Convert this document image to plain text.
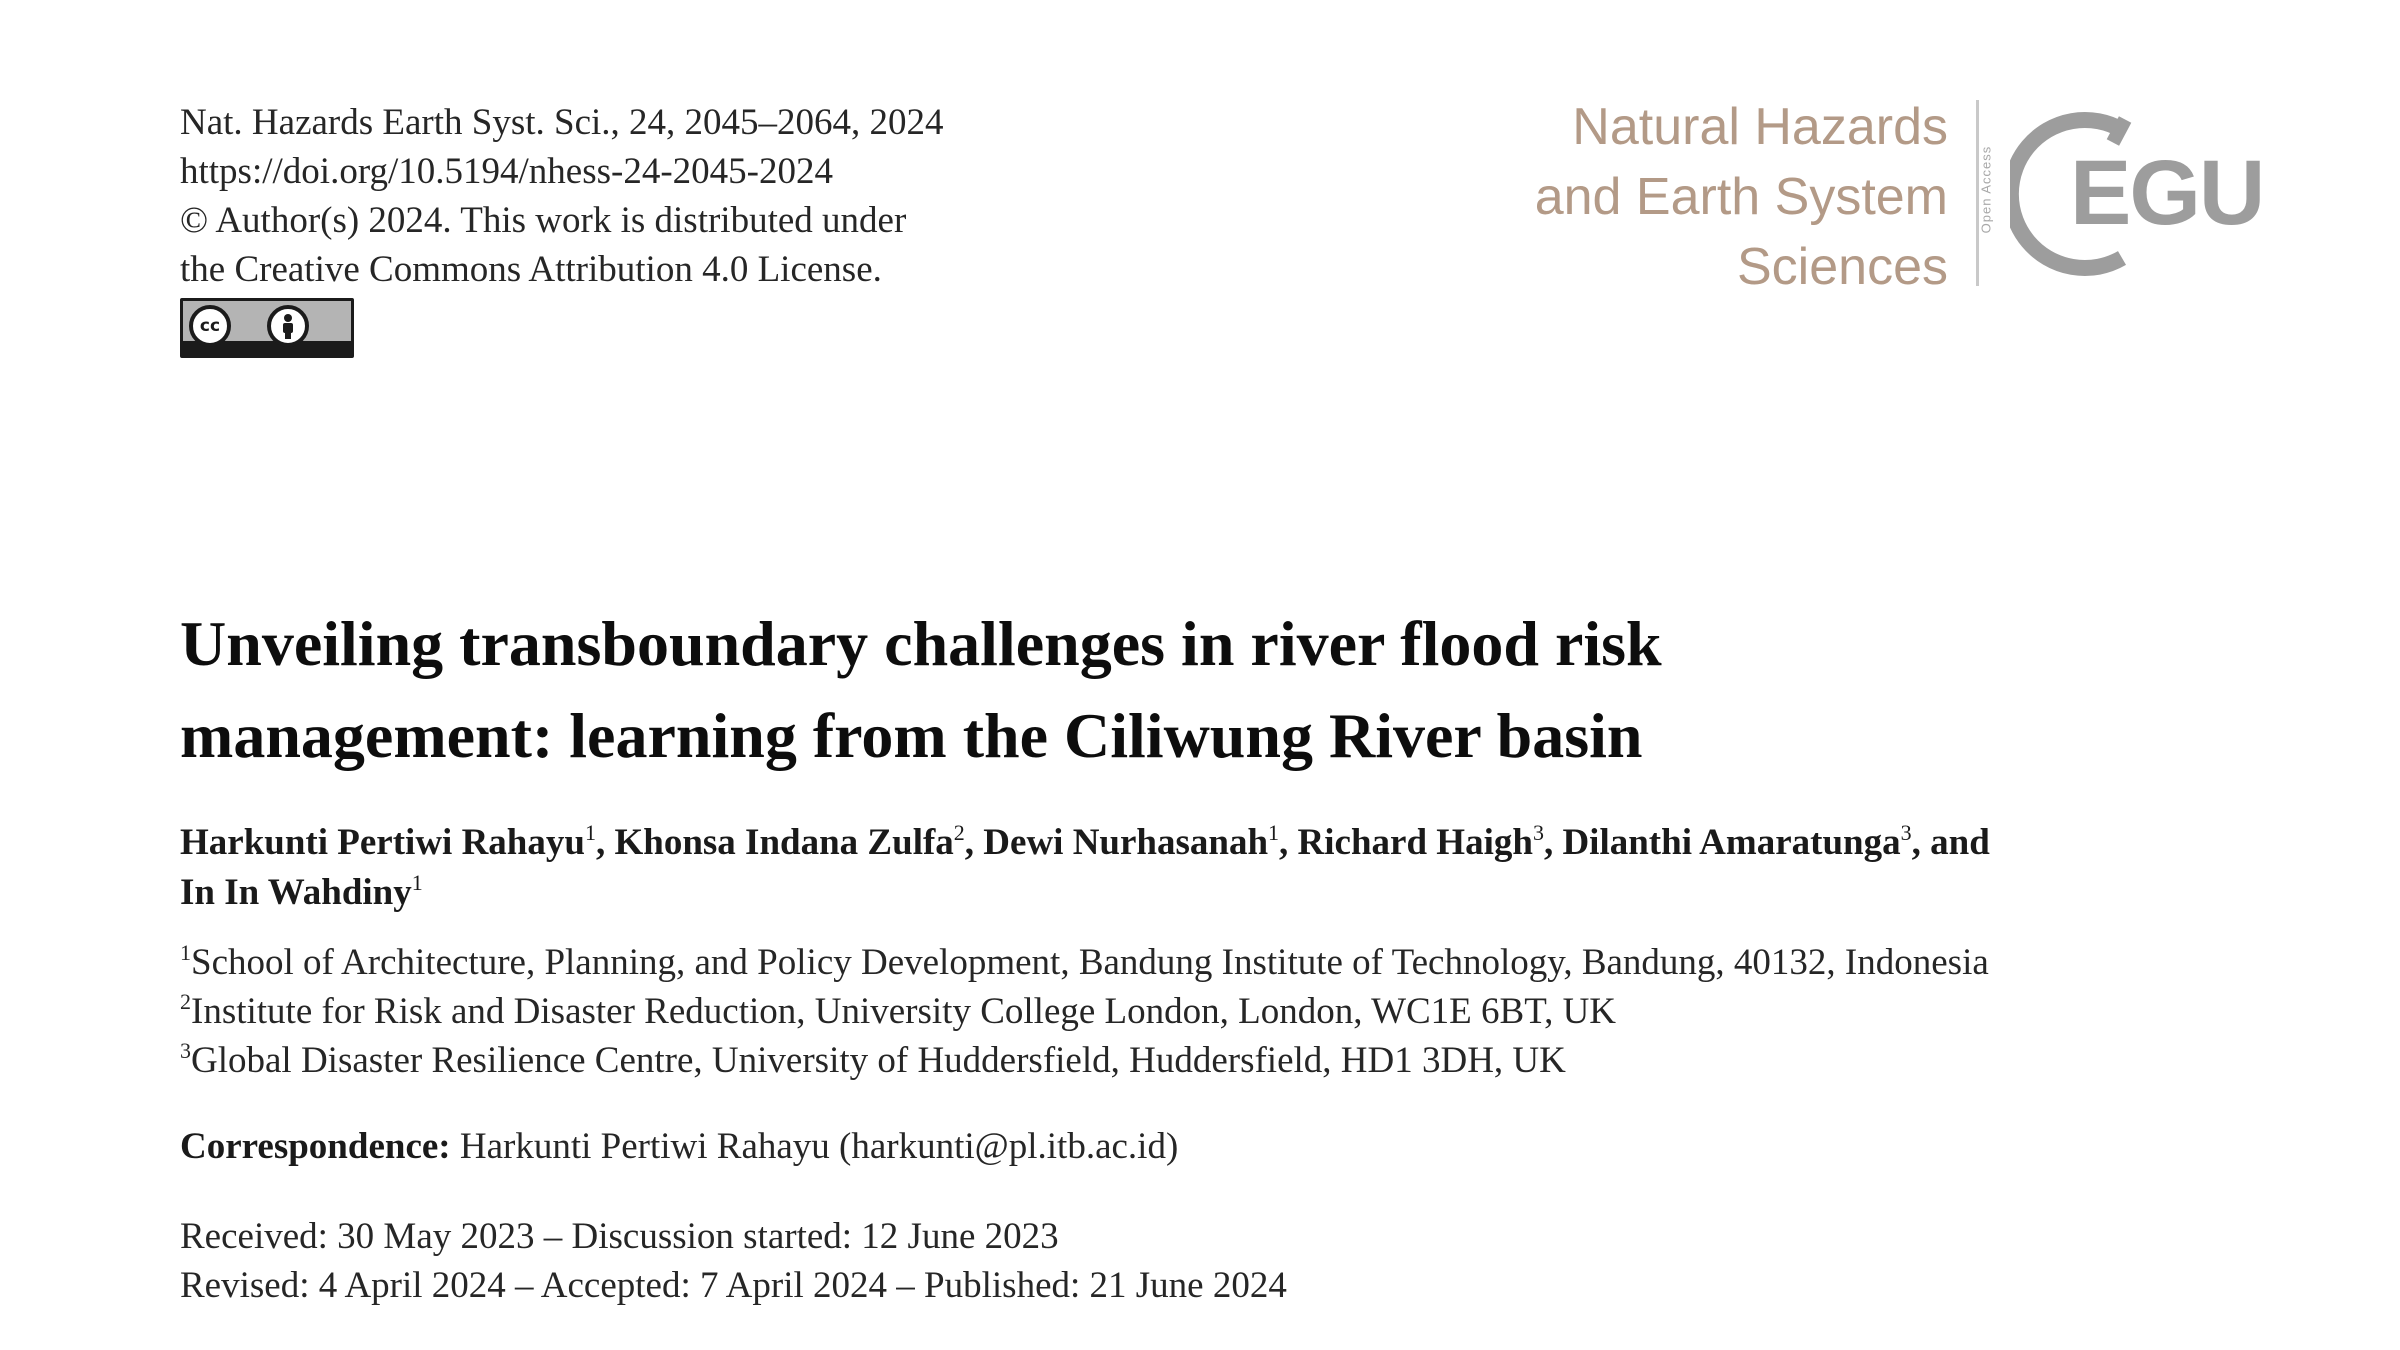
Nat. Hazards Earth Syst. Sci., 24, 2045–2064, 2024
https://doi.org/10.5194/nhess-24-2045-2024
© Author(s) 2024. This work is distributed under
the Creative Commons Attribution 4.0 License.
cc
Natural Hazards
and Earth System
Sciences
Open Access EGU
Unveiling transboundary challenges in river flood risk
management: learning from the Ciliwung River basin
Harkunti Pertiwi Rahayu$^1$, Khonsa Indana Zulfa$^2$, Dewi Nurhasanah$^1$, Richard Haigh$^3$, Dilanthi Amaratunga$^3$, and
In In Wahdiny$^1$
$^1$School of Architecture, Planning, and Policy Development, Bandung Institute of Technology, Bandung, 40132, Indonesia
$^2$Institute for Risk and Disaster Reduction, University College London, London, WC1E 6BT, UK
$^3$Global Disaster Resilience Centre, University of Huddersfield, Huddersfield, HD1 3DH, UK
Correspondence: Harkunti Pertiwi Rahayu (harkunti@pl.itb.ac.id)
Received: 30 May 2023 – Discussion started: 12 June 2023
Revised: 4 April 2024 – Accepted: 7 April 2024 – Published: 21 June 2024
